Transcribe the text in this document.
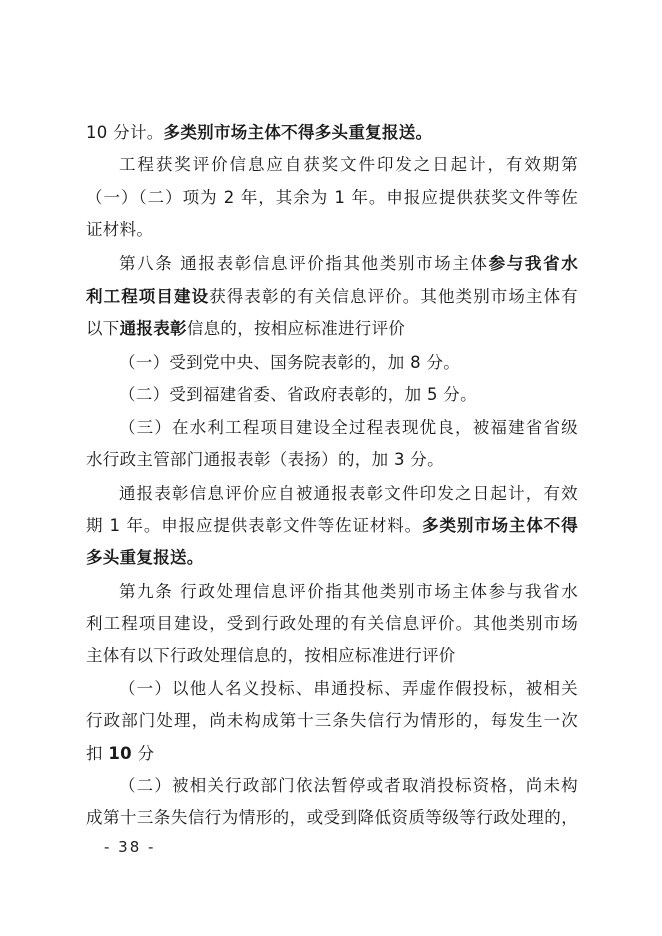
10 分计。多类别市场主体不得多头重复报送。
工程获奖评价信息应自获奖文件印发之日起计，有效期第
（一）（二）项为 2 年，其余为 1 年。申报应提供获奖文件等佐
证材料。
第八条 通报表彰信息评价指其他类别市场主体参与我省水
利工程项目建设获得表彰的有关信息评价。其他类别市场主体有
以下通报表彰信息的，按相应标准进行评价
（一）受到党中央、国务院表彰的，加 8 分。
（二）受到福建省委、省政府表彰的，加 5 分。
（三）在水利工程项目建设全过程表现优良，被福建省省级
水行政主管部门通报表彰（表扬）的，加 3 分。
通报表彰信息评价应自被通报表彰文件印发之日起计，有效
期 1 年。申报应提供表彰文件等佐证材料。多类别市场主体不得
多头重复报送。
第九条 行政处理信息评价指其他类别市场主体参与我省水
利工程项目建设，受到行政处理的有关信息评价。其他类别市场
主体有以下行政处理信息的，按相应标准进行评价
（一）以他人名义投标、串通投标、弄虚作假投标，被相关
行政部门处理，尚未构成第十三条失信行为情形的，每发生一次
扣 10 分
（二）被相关行政部门依法暂停或者取消投标资格，尚未构
成第十三条失信行为情形的，或受到降低资质等级等行政处理的，
- 38 -
